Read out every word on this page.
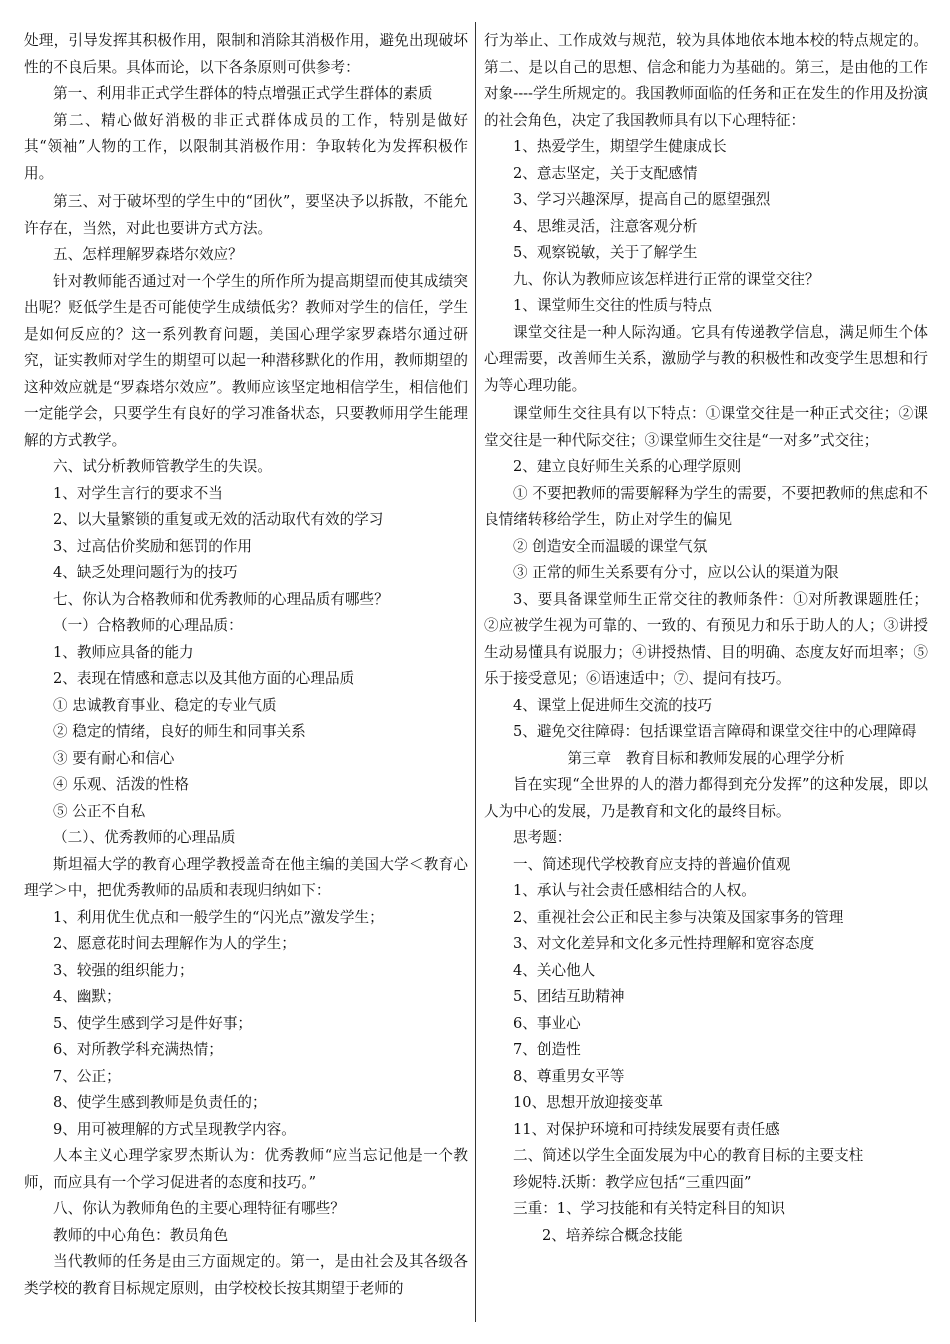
处理，引导发挥其积极作用，限制和消除其消极作用，避免出现破坏性的不良后果。具体而论，以下各条原则可供参考：

第一、利用非正式学生群体的特点增强正式学生群体的素质

第二、精心做好消极的非正式群体成员的工作，特别是做好其“领袖”人物的工作，以限制其消极作用：争取转化为发挥积极作用。

第三、对于破坏型的学生中的“团伙”，要坚决予以拆散，不能允许存在，当然，对此也要讲方式方法。

五、怎样理解罗森塔尔效应？

针对教师能否通过对一个学生的所作所为提高期望而使其成绩突出呢？贬低学生是否可能使学生成绩低劣？教师对学生的信任，学生是如何反应的？这一系列教育问题，美国心理学家罗森塔尔通过研究，证实教师对学生的期望可以起一种潜移默化的作用，教师期望的这种效应就是“罗森塔尔效应”。教师应该坚定地相信学生，相信他们一定能学会，只要学生有良好的学习准备状态，只要教师用学生能理解的方式教学。

六、试分析教师管教学生的失误。

1、对学生言行的要求不当

2、以大量繁锁的重复或无效的活动取代有效的学习

3、过高估价奖励和惩罚的作用

4、缺乏处理问题行为的技巧

七、你认为合格教师和优秀教师的心理品质有哪些？

（一）合格教师的心理品质：

1、教师应具备的能力

2、表现在情感和意志以及其他方面的心理品质

① 忠诚教育事业、稳定的专业气质

② 稳定的情绪，良好的师生和同事关系

③ 要有耐心和信心

④ 乐观、活泼的性格

⑤ 公正不自私

（二）、优秀教师的心理品质

斯坦福大学的教育心理学教授盖奇在他主编的美国大学＜教育心理学＞中，把优秀教师的品质和表现归纳如下：

1、利用优生优点和一般学生的“闪光点”激发学生；

2、愿意花时间去理解作为人的学生；

3、较强的组织能力；

4、幽默；

5、使学生感到学习是件好事；

6、对所教学科充满热情；

7、公正；

8、使学生感到教师是负责任的；

9、用可被理解的方式呈现教学内容。

人本主义心理学家罗杰斯认为：优秀教师“应当忘记他是一个教师，而应具有一个学习促进者的态度和技巧。”

八、你认为教师角色的主要心理特征有哪些？

教师的中心角色：教员角色

当代教师的任务是由三方面规定的。第一，是由社会及其各级各类学校的教育目标规定原则，由学校校长按其期望于老师的

行为举止、工作成效与规范，较为具体地依本地本校的特点规定的。第二、是以自己的思想、信念和能力为基础的。第三，是由他的工作对象----学生所规定的。我国教师面临的任务和正在发生的作用及扮演的社会角色，决定了我国教师具有以下心理特征：

1、热爱学生，期望学生健康成长

2、意志坚定，关于支配感情

3、学习兴趣深厚，提高自己的愿望强烈

4、思维灵活，注意客观分析

5、观察锐敏，关于了解学生

九、你认为教师应该怎样进行正常的课堂交往？

1、课堂师生交往的性质与特点

课堂交往是一种人际沟通。它具有传递教学信息，满足师生个体心理需要，改善师生关系，激励学与教的积极性和改变学生思想和行为等心理功能。

课堂师生交往具有以下特点：①课堂交往是一种正式交往；②课堂交往是一种代际交往；③课堂师生交往是“一对多”式交往；

2、建立良好师生关系的心理学原则

① 不要把教师的需要解释为学生的需要，不要把教师的焦虑和不良情绪转移给学生，防止对学生的偏见

② 创造安全而温暖的课堂气氛

③ 正常的师生关系要有分寸，应以公认的渠道为限

3、要具备课堂师生正常交往的教师条件：①对所教课题胜任；②应被学生视为可靠的、一致的、有预见力和乐于助人的人；③讲授生动易懂具有说服力；④讲授热情、目的明确、态度友好而坦率；⑤乐于接受意见；⑥语速适中；⑦、提问有技巧。

4、课堂上促进师生交流的技巧

5、避免交往障碍：包括课堂语言障碍和课堂交往中的心理障碍

第三章　教育目标和教师发展的心理学分析

旨在实现“全世界的人的潜力都得到充分发挥”的这种发展，即以人为中心的发展，乃是教育和文化的最终目标。

思考题：

一、简述现代学校教育应支持的普遍价值观

1、承认与社会责任感相结合的人权。

2、重视社会公正和民主参与决策及国家事务的管理

3、对文化差异和文化多元性持理解和宽容态度

4、关心他人

5、团结互助精神

6、事业心

7、创造性

8、尊重男女平等

10、思想开放迎接变革

11、对保护环境和可持续发展要有责任感

二、简述以学生全面发展为中心的教育目标的主要支柱

珍妮特.沃斯：教学应包括“三重四面”

三重：1、学习技能和有关特定科目的知识

2、培养综合概念技能
